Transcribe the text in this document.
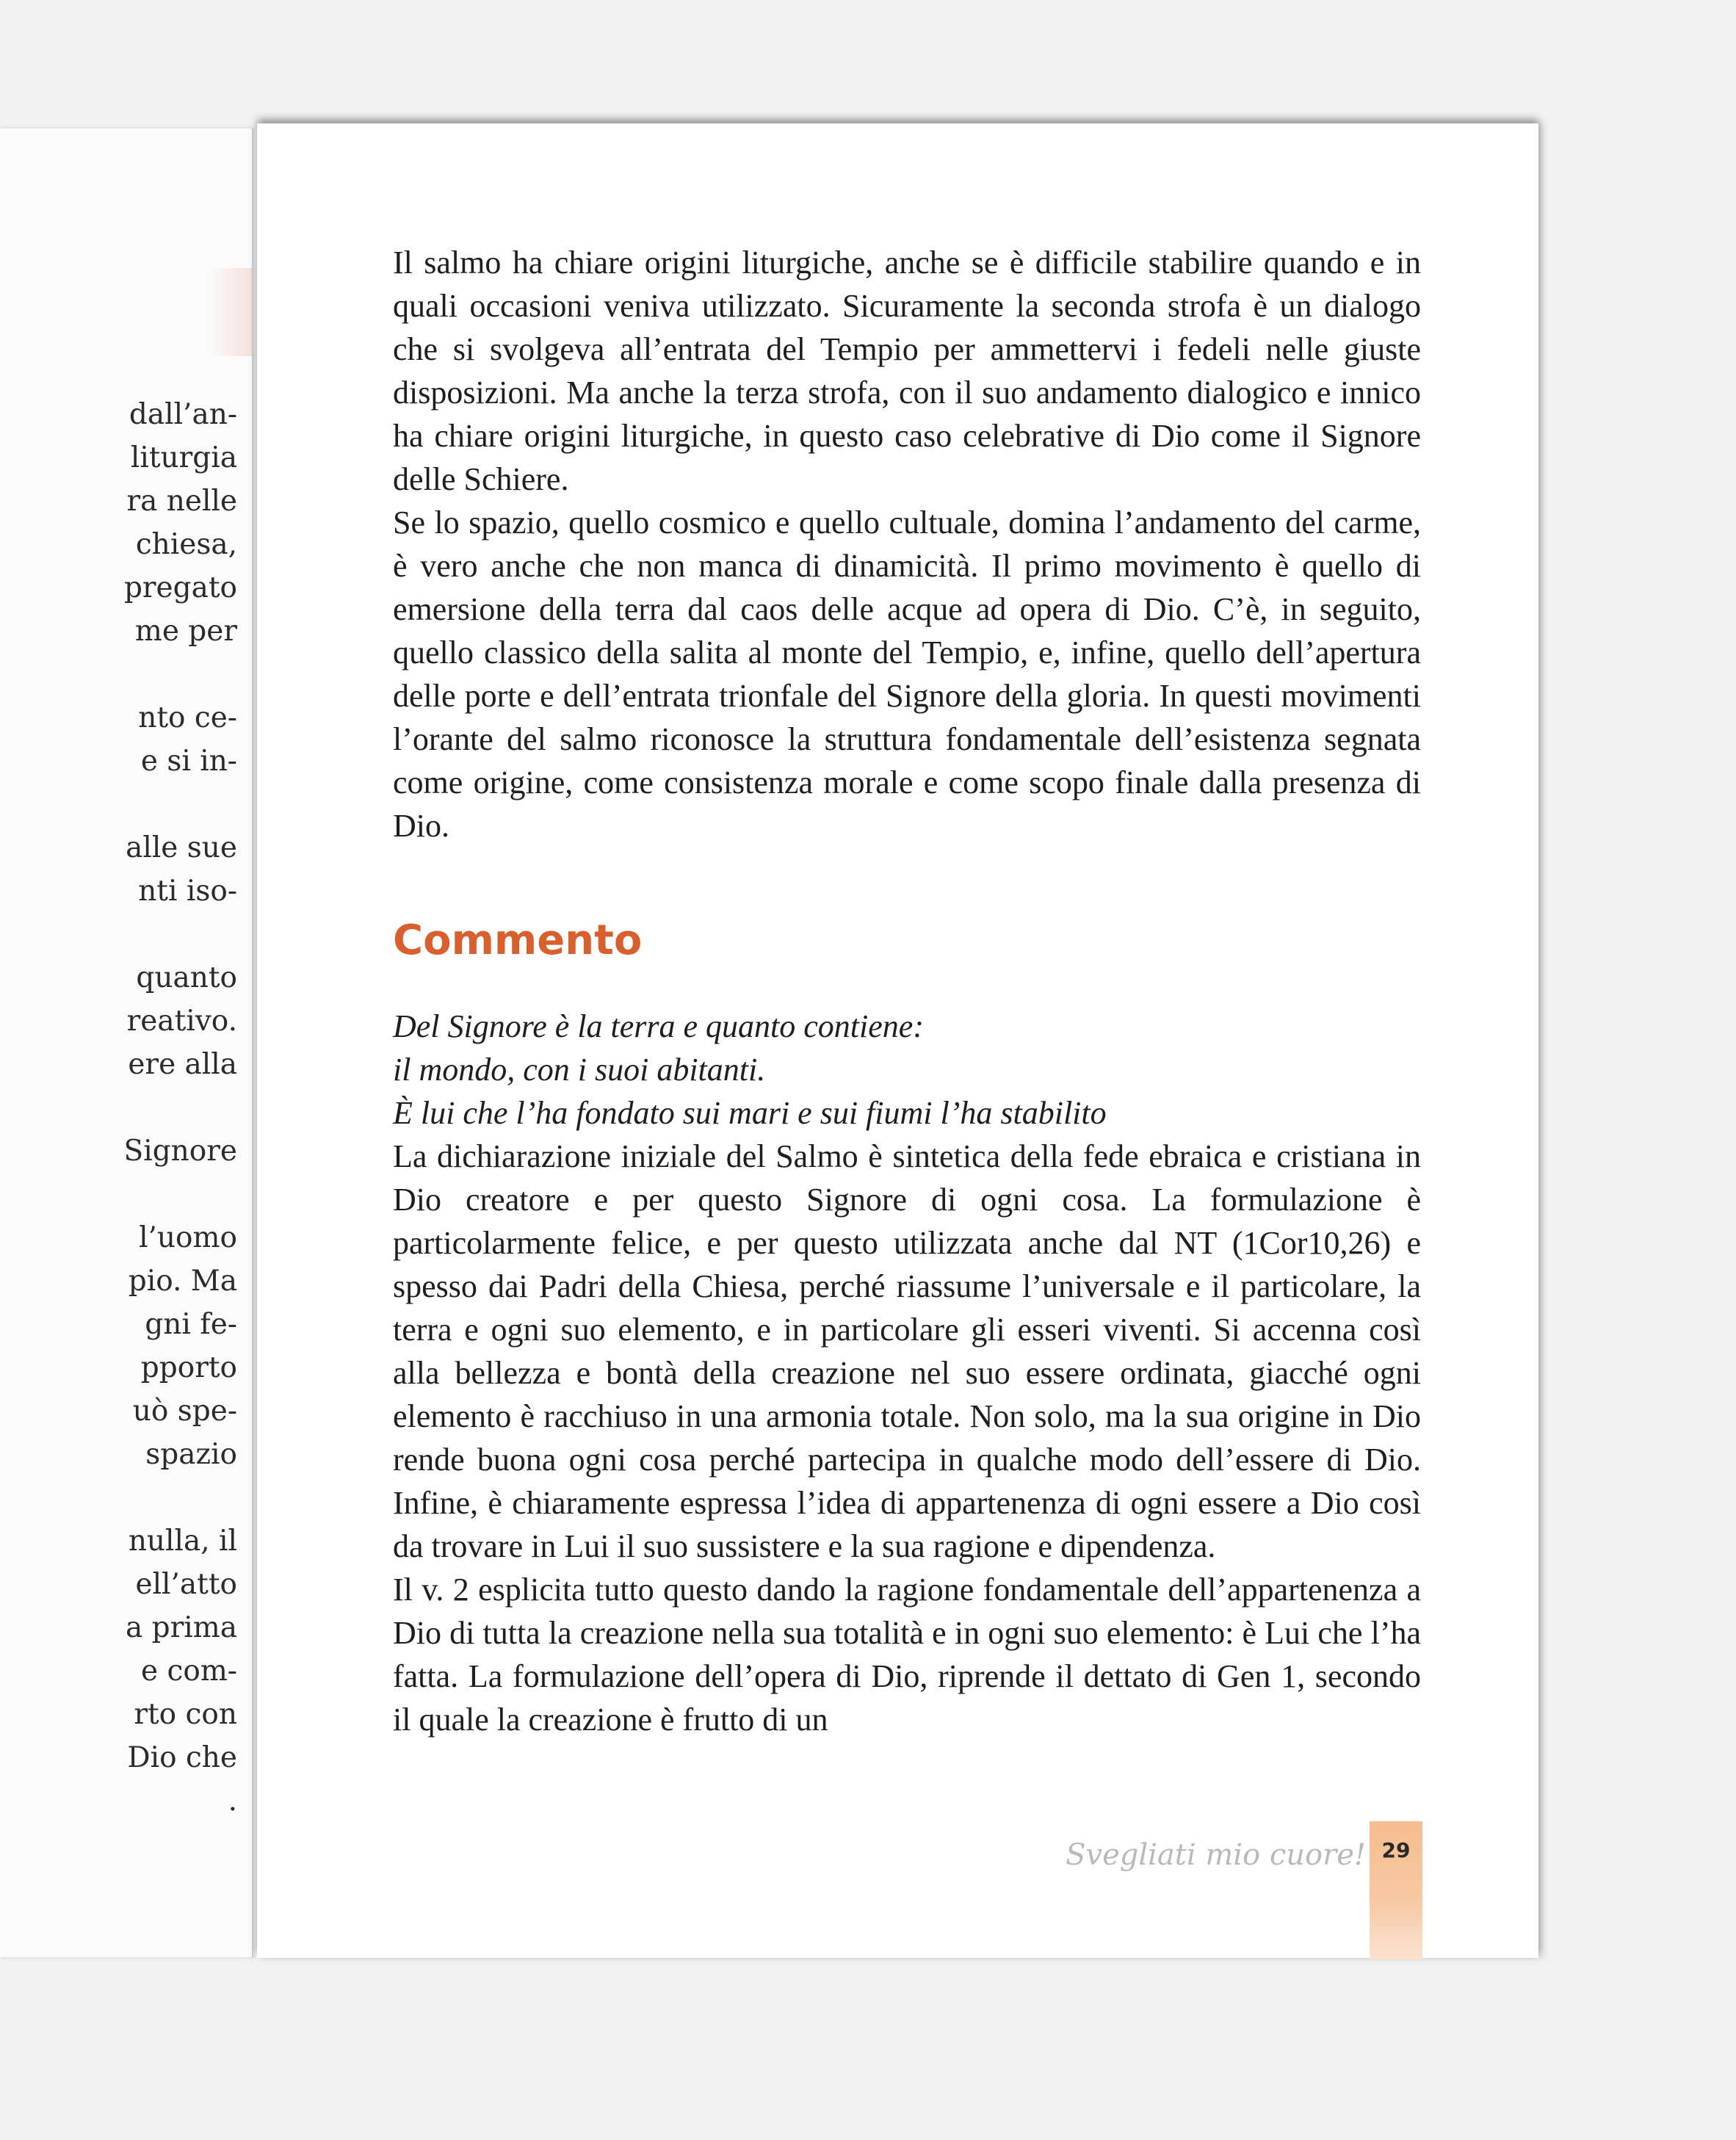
dall’an-
liturgia
ra nelle
chiesa,
pregato
me per
nto ce-
e si in-
alle sue
nti iso-
quanto
reativo.
ere alla
Signore
l’uomo
pio. Ma
gni fe-
pporto
uò spe-
spazio
nulla, il
ell’atto
a prima
e com-
rto con
Dio che
.

Il salmo ha chiare origini liturgiche, anche se è difficile stabilire quando e in quali occasioni veniva utilizzato. Sicuramente la seconda strofa è un dialogo che si svolgeva all’entrata del Tempio per ammettervi i fedeli nelle giuste disposizioni. Ma anche la terza strofa, con il suo andamento dialogico e innico ha chiare origini liturgiche, in questo caso celebrative di Dio come il Signore delle Schiere.

Se lo spazio, quello cosmico e quello cultuale, domina l’andamento del carme, è vero anche che non manca di dinamicità. Il primo movimento è quello di emersione della terra dal caos delle acque ad opera di Dio. C’è, in seguito, quello classico della salita al monte del Tempio, e, infine, quello dell’apertura delle porte e dell’entrata trionfale del Signore della gloria. In questi movimenti l’orante del salmo riconosce la struttura fondamentale dell’esistenza segnata come origine, come consistenza morale e come scopo finale dalla presenza di Dio.

Commento

Del Signore è la terra e quanto contiene:

il mondo, con i suoi abitanti.

È lui che l’ha fondato sui mari e sui fiumi l’ha stabilito

La dichiarazione iniziale del Salmo è sintetica della fede ebraica e cristiana in Dio creatore e per questo Signore di ogni cosa. La formulazione è particolarmente felice, e per questo utilizzata anche dal NT (1Cor10,26) e spesso dai Padri della Chiesa, perché riassume l’universale e il particolare, la terra e ogni suo elemento, e in particolare gli esseri viventi. Si accenna così alla bellezza e bontà della creazione nel suo essere ordinata, giacché ogni elemento è racchiuso in una armonia totale. Non solo, ma la sua origine in Dio rende buona ogni cosa perché partecipa in qualche modo dell’essere di Dio. Infine, è chiaramente espressa l’idea di appartenenza di ogni essere a Dio così da trovare in Lui il suo sussistere e la sua ragione e dipendenza.

Il v. 2 esplicita tutto questo dando la ragione fondamentale dell’appartenenza a Dio di tutta la creazione nella sua totalità e in ogni suo elemento: è Lui che l’ha fatta. La formulazione dell’opera di Dio, riprende il dettato di Gen 1, secondo il quale la creazione è frutto di un

Svegliati mio cuore! 29
